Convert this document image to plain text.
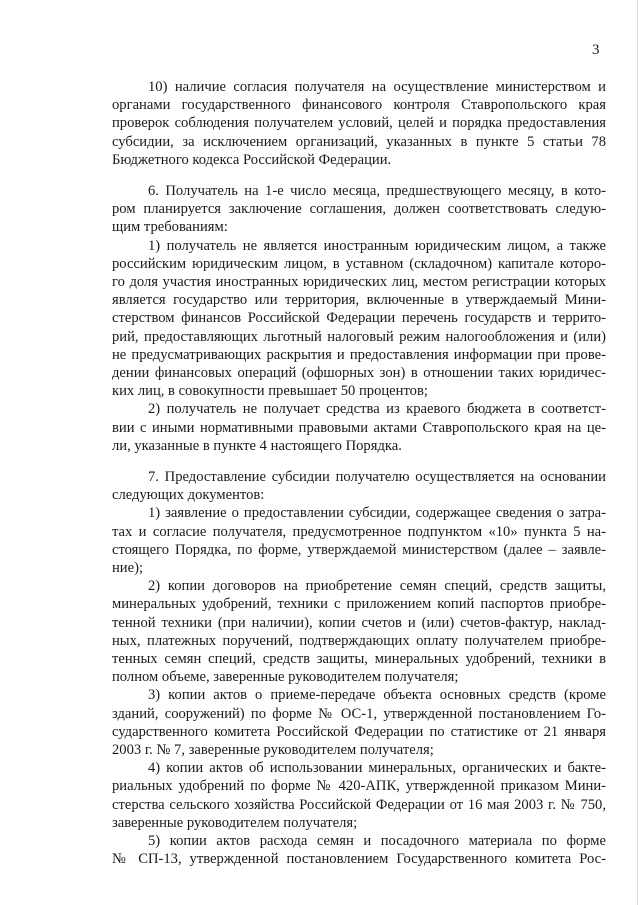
3
10) наличие согласия получателя на осуществление министерством и
органами государственного финансового контроля Ставропольского края
проверок соблюдения получателем условий, целей и порядка предоставления
субсидии, за исключением организаций, указанных в пункте 5 статьи 78
Бюджетного кодекса Российской Федерации.
6. Получатель на 1-е число месяца, предшествующего месяцу, в кото-
ром планируется заключение соглашения, должен соответствовать следую-
щим требованиям:
1) получатель не является иностранным юридическим лицом, а также
российским юридическим лицом, в уставном (складочном) капитале которо-
го доля участия иностранных юридических лиц, местом регистрации которых
является государство или территория, включенные в утверждаемый Мини-
стерством финансов Российской Федерации перечень государств и террито-
рий, предоставляющих льготный налоговый режим налогообложения и (или)
не предусматривающих раскрытия и предоставления информации при прове-
дении финансовых операций (офшорных зон) в отношении таких юридичес-
ких лиц, в совокупности превышает 50 процентов;
2) получатель не получает средства из краевого бюджета в соответст-
вии с иными нормативными правовыми актами Ставропольского края на це-
ли, указанные в пункте 4 настоящего Порядка.
7. Предоставление субсидии получателю осуществляется на основании
следующих документов:
1) заявление о предоставлении субсидии, содержащее сведения о затра-
тах и согласие получателя, предусмотренное подпунктом «10» пункта 5 на-
стоящего Порядка, по форме, утверждаемой министерством (далее – заявле-
ние);
2) копии договоров на приобретение семян специй, средств защиты,
минеральных удобрений, техники с приложением копий паспортов приобре-
тенной техники (при наличии), копии счетов и (или) счетов-фактур, наклад-
ных, платежных поручений, подтверждающих оплату получателем приобре-
тенных семян специй, средств защиты, минеральных удобрений, техники в
полном объеме, заверенные руководителем получателя;
3) копии актов о приеме-передаче объекта основных средств (кроме
зданий, сооружений) по форме № ОС-1, утвержденной постановлением Го-
сударственного комитета Российской Федерации по статистике от 21 января
2003 г. № 7, заверенные руководителем получателя;
4) копии актов об использовании минеральных, органических и бакте-
риальных удобрений по форме № 420-АПК, утвержденной приказом Мини-
стерства сельского хозяйства Российской Федерации от 16 мая 2003 г. № 750,
заверенные руководителем получателя;
5) копии актов расхода семян и посадочного материала по форме
№ СП-13, утвержденной постановлением Государственного комитета Рос-
